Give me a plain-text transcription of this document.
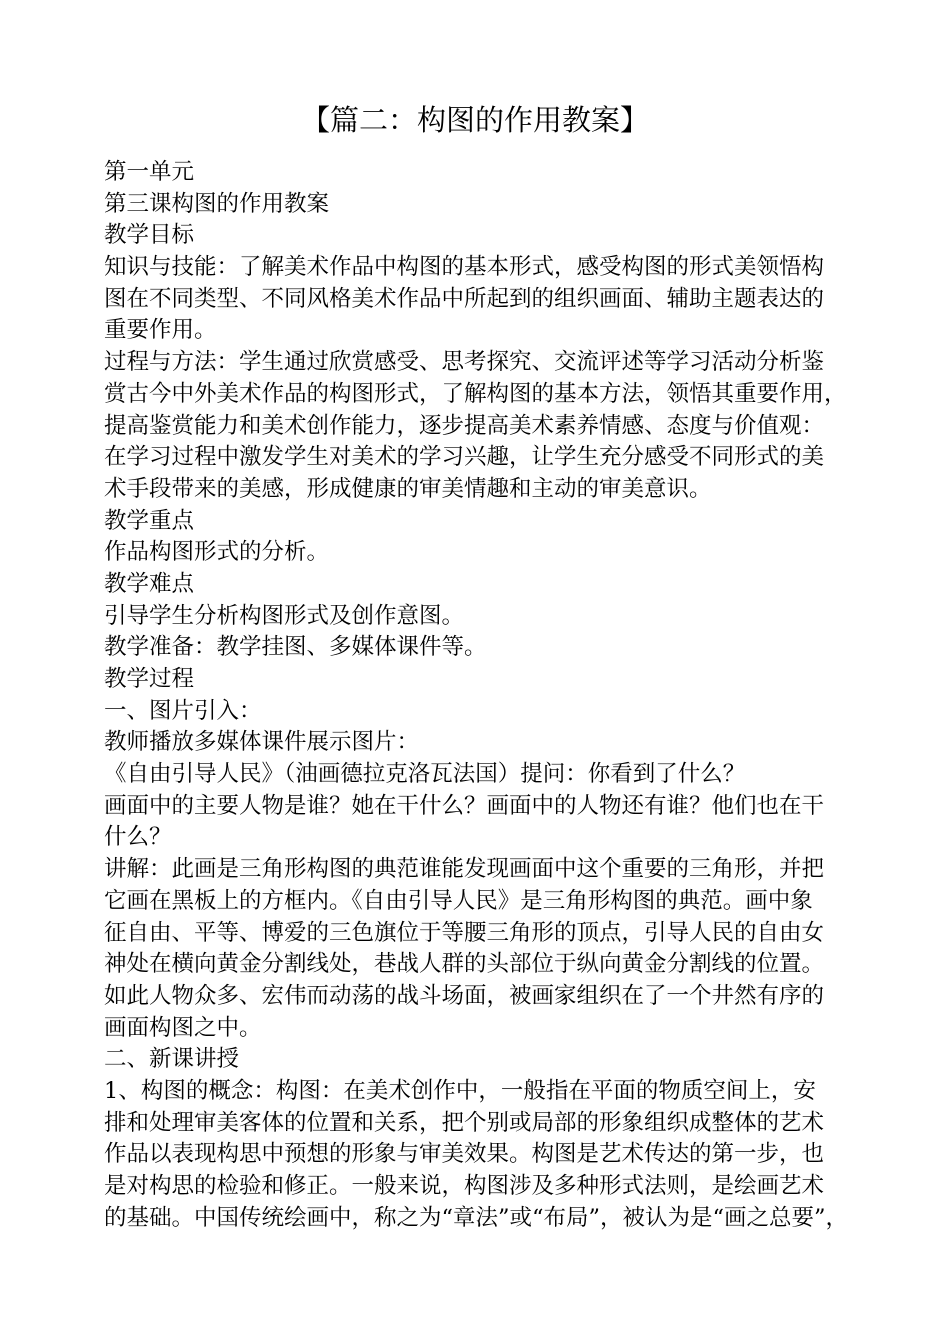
【篇二：构图的作用教案】
第一单元
第三课构图的作用教案
教学目标
知识与技能：了解美术作品中构图的基本形式，感受构图的形式美领悟构
图在不同类型、不同风格美术作品中所起到的组织画面、辅助主题表达的
重要作用。
过程与方法：学生通过欣赏感受、思考探究、交流评述等学习活动分析鉴
赏古今中外美术作品的构图形式，了解构图的基本方法，领悟其重要作用，
提高鉴赏能力和美术创作能力，逐步提高美术素养情感、态度与价值观：
在学习过程中激发学生对美术的学习兴趣，让学生充分感受不同形式的美
术手段带来的美感，形成健康的审美情趣和主动的审美意识。
教学重点
作品构图形式的分析。
教学难点
引导学生分析构图形式及创作意图。
教学准备：教学挂图、多媒体课件等。
教学过程
一、图片引入：
教师播放多媒体课件展示图片：
《自由引导人民》（油画德拉克洛瓦法国）提问：你看到了什么？
画面中的主要人物是谁？她在干什么？画面中的人物还有谁？他们也在干
什么？
讲解：此画是三角形构图的典范谁能发现画面中这个重要的三角形，并把
它画在黑板上的方框内。《自由引导人民》是三角形构图的典范。画中象
征自由、平等、博爱的三色旗位于等腰三角形的顶点，引导人民的自由女
神处在横向黄金分割线处，巷战人群的头部位于纵向黄金分割线的位置。
如此人物众多、宏伟而动荡的战斗场面，被画家组织在了一个井然有序的
画面构图之中。
二、新课讲授
1、构图的概念：构图：在美术创作中，一般指在平面的物质空间上，安
排和处理审美客体的位置和关系，把个别或局部的形象组织成整体的艺术
作品以表现构思中预想的形象与审美效果。构图是艺术传达的第一步，也
是对构思的检验和修正。一般来说，构图涉及多种形式法则，是绘画艺术
的基础。中国传统绘画中，称之为“章法”或“布局”，被认为是“画之总要”，
